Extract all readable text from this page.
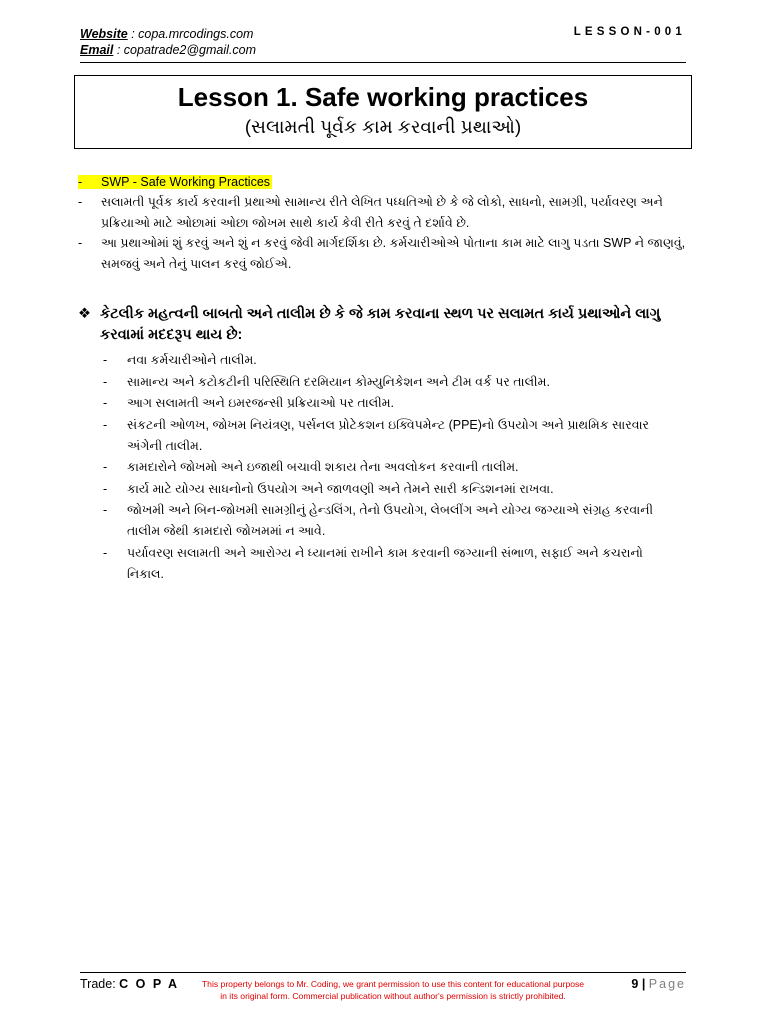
Website : copa.mrcodings.com
Email : copatrade2@gmail.com
LESSON-001
Lesson 1. Safe working practices
(સલામતી પૂર્વક કામ કરવાની પ્રથાઓ)
- SWP - Safe Working Practices
- સલામતી પૂર્વક કાર્ય કરવાની પ્રથાઓ સામાન્ય રીતે લેખિત પધ્ધતિઓ છે કે જે લોકો, સાધનો, સામગ્રી, પર્યાવરણ અને પ્રક્રિયાઓ માટે ઓછામાં ઓછા જોખમ સાથે કાર્ય કેવી રીતે કરવું તે દર્શાવે છે.
- આ પ્રથાઓમાં શું કરવું અને શું ન કરવું જેવી માર્ગદર્શિકા છે. કર્મચારીઓએ પોતાના કામ માટે લાગુ પડતા SWP ને જાણવું, સમજવું અને તેનું પાલન કરવું જોઈએ.
❖ કેટલીક મહત્વની બાબતો અને તાલીમ છે કે જે કામ કરવાના સ્થળ પર સલામત કાર્ય પ્રથાઓને લાગુ કરવામાં મદદરૂપ થાય છે:
- નવા કર્મચારીઓને તાલીમ.
- સામાન્ય અને કટોકટીની પરિસ્થિતિ દરમિયાન કોમ્યુનિકેશન અને ટીમ વર્ક પર તાલીમ.
- આગ સલામતી અને ઇમરજન્સી પ્રક્રિયાઓ પર તાલીમ.
- સંકટની ઓળખ, જોખમ નિયંત્રણ, પર્સનલ પ્રોટેકશન ઇક્વિપમેન્ટ (PPE)નો ઉપયોગ અને પ્રાથમિક સારવાર અંગેની તાલીમ.
- કામદારોને જોખમો અને ઇજાથી બચાવી શકાય તેના અવલોકન કરવાની તાલીમ.
- કાર્ય માટે યોગ્ય સાધનોનો ઉપયોગ અને જાળવણી અને તેમને સારી કન્ડિશનમાં રાખવા.
- જોખમી અને બિન-જોખમી સામગ્રીનું હેન્ડલિંગ, તેનો ઉપયોગ, લેબલીંગ અને યોગ્ય જગ્યાએ સંગ્રહ કરવાની તાલીમ જેથી કામદારો જોખમમાં ન આવે.
- પર્યાવરણ સલામતી અને આરોગ્ય ને ધ્યાનમાં રાખીને કામ કરવાની જગ્યાની સંભાળ, સફાઈ અને કચરાનો નિકાલ.
Trade: C O P A	This property belongs to Mr. Coding, we grant permission to use this content for educational purpose
in its original form. Commercial publication without author's permission is strictly prohibited.
9 | Page
